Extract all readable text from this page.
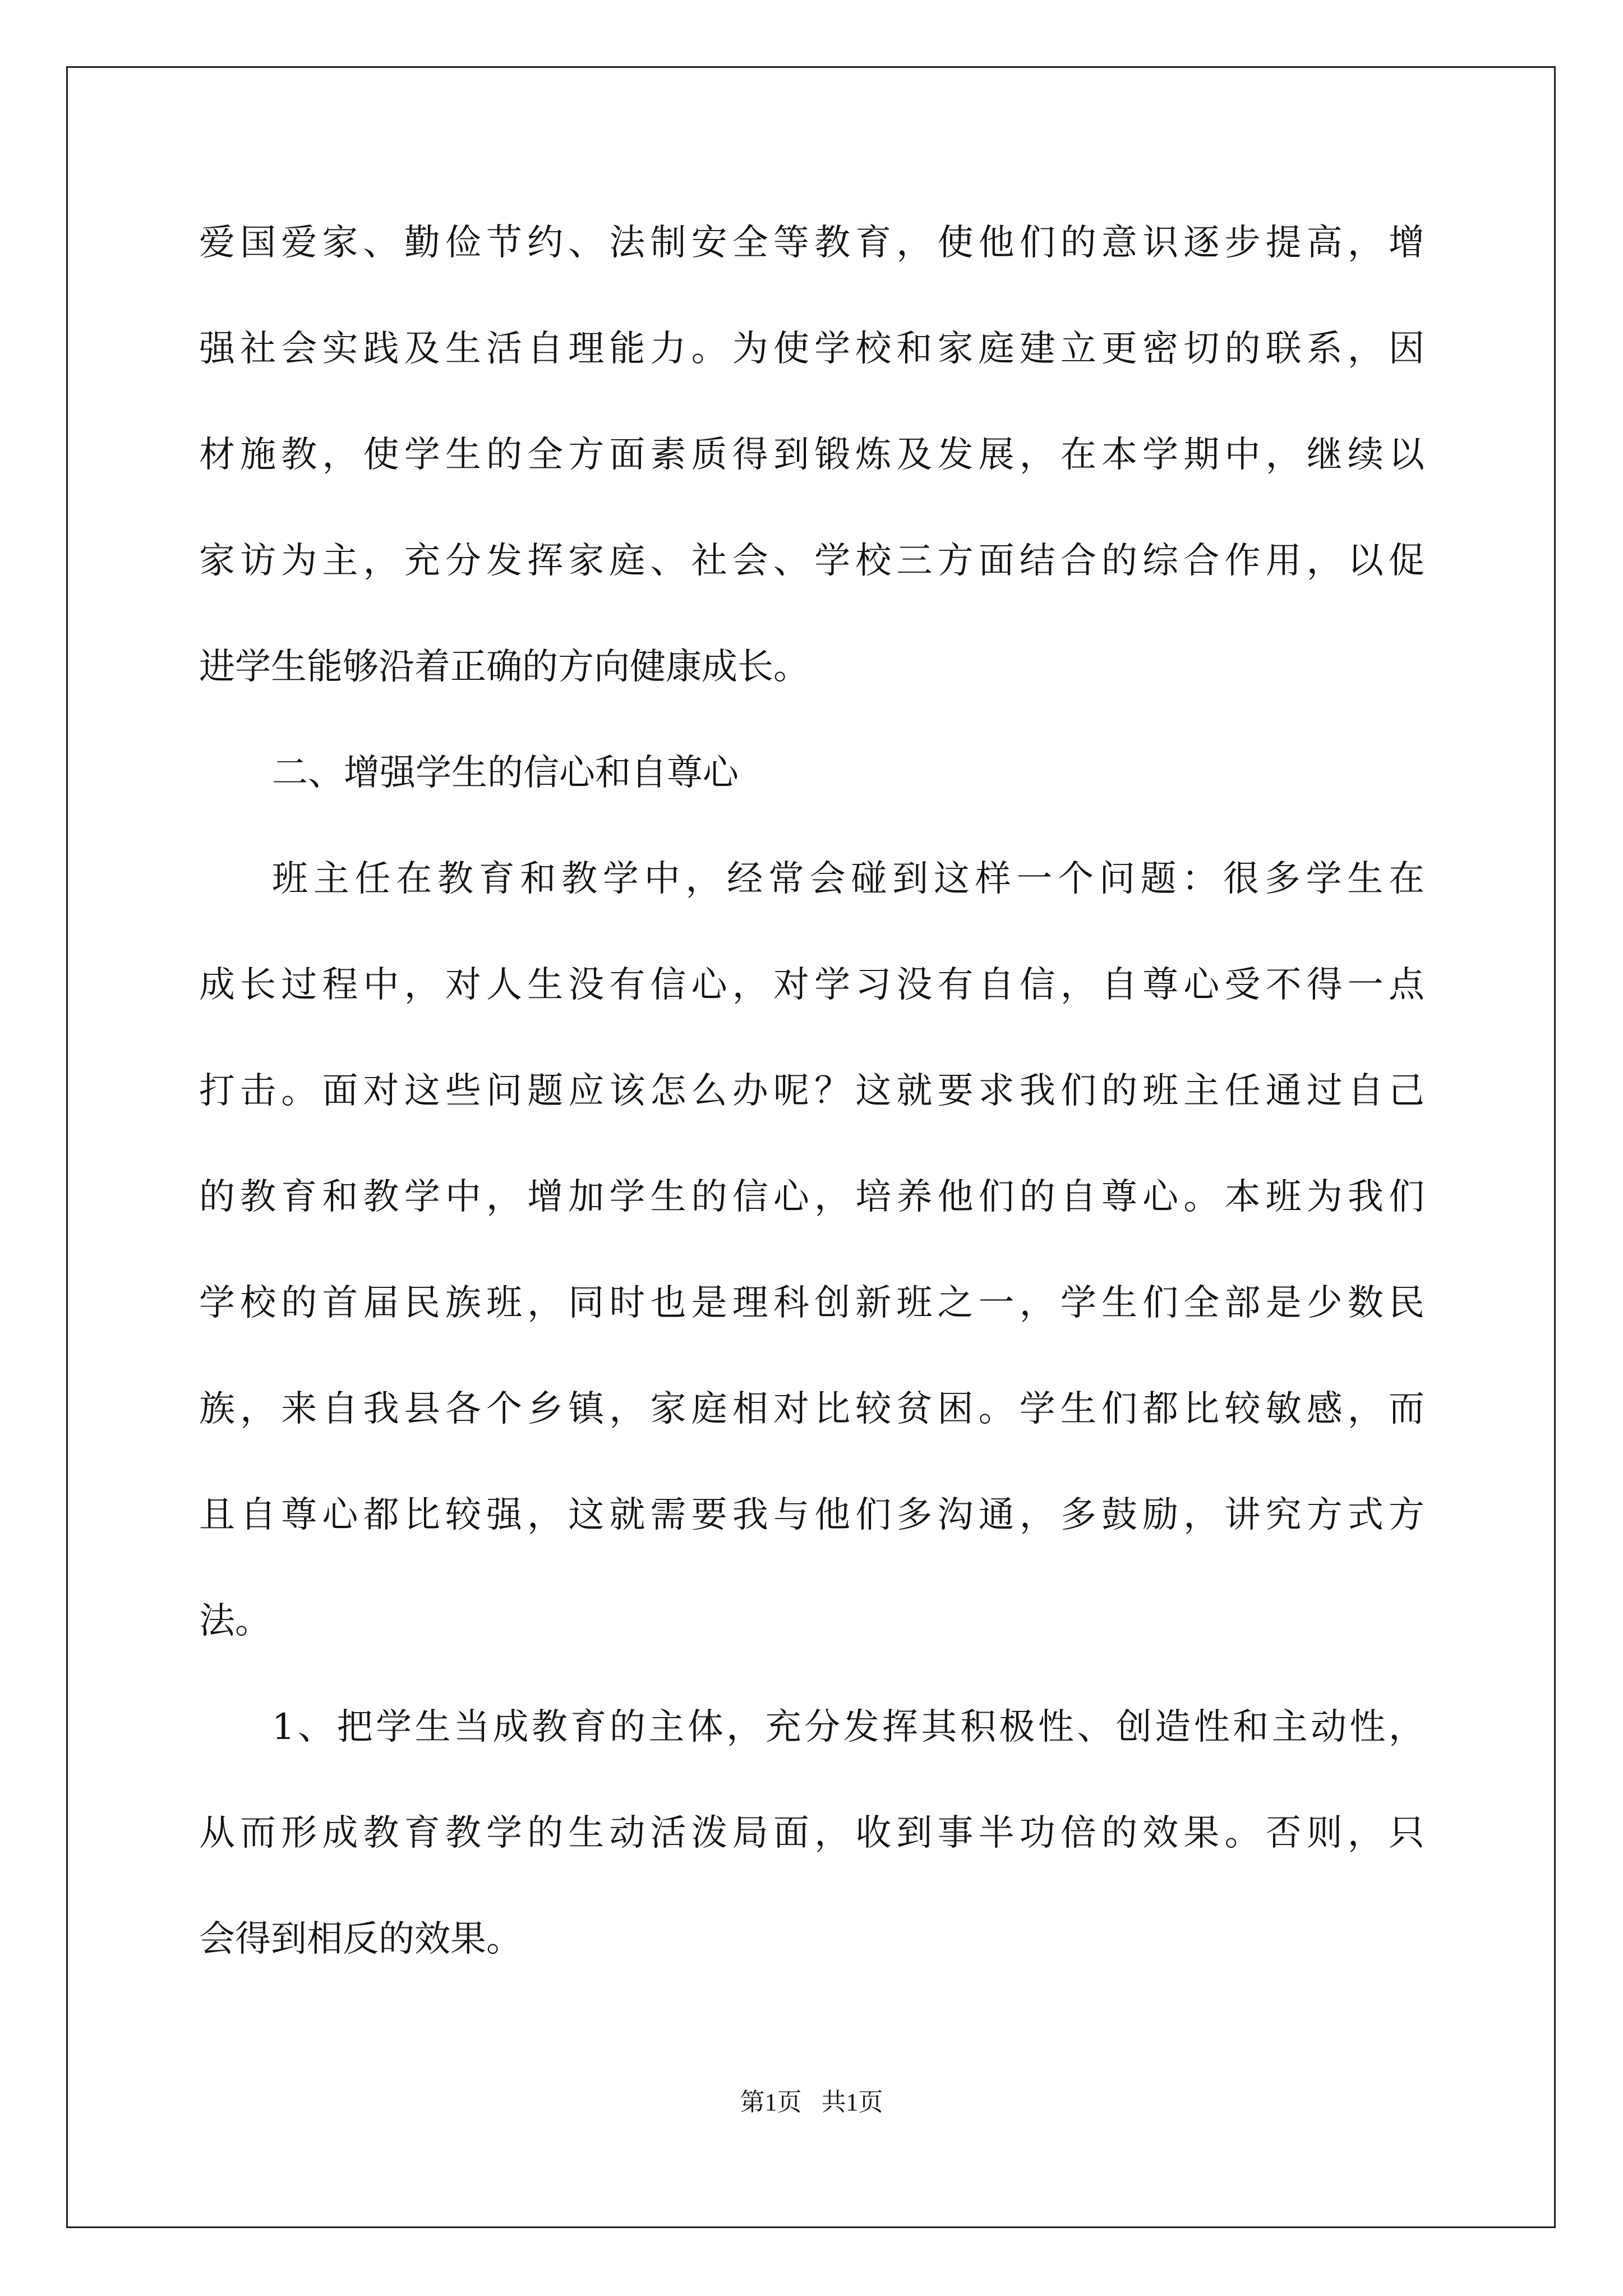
爱国爱家、勤俭节约、法制安全等教育，使他们的意识逐步提高，增
强社会实践及生活自理能力。为使学校和家庭建立更密切的联系，因
材施教，使学生的全方面素质得到锻炼及发展，在本学期中，继续以
家访为主，充分发挥家庭、社会、学校三方面结合的综合作用，以促
进学生能够沿着正确的方向健康成长。
二、增强学生的信心和自尊心
班主任在教育和教学中，经常会碰到这样一个问题：很多学生在
成长过程中，对人生没有信心，对学习没有自信，自尊心受不得一点
打击。面对这些问题应该怎么办呢？这就要求我们的班主任通过自己
的教育和教学中，增加学生的信心，培养他们的自尊心。本班为我们
学校的首届民族班，同时也是理科创新班之一，学生们全部是少数民
族，来自我县各个乡镇，家庭相对比较贫困。学生们都比较敏感，而
且自尊心都比较强，这就需要我与他们多沟通，多鼓励，讲究方式方
法。
1、把学生当成教育的主体，充分发挥其积极性、创造性和主动性，
从而形成教育教学的生动活泼局面，收到事半功倍的效果。否则，只
会得到相反的效果。
第1页 共1页
